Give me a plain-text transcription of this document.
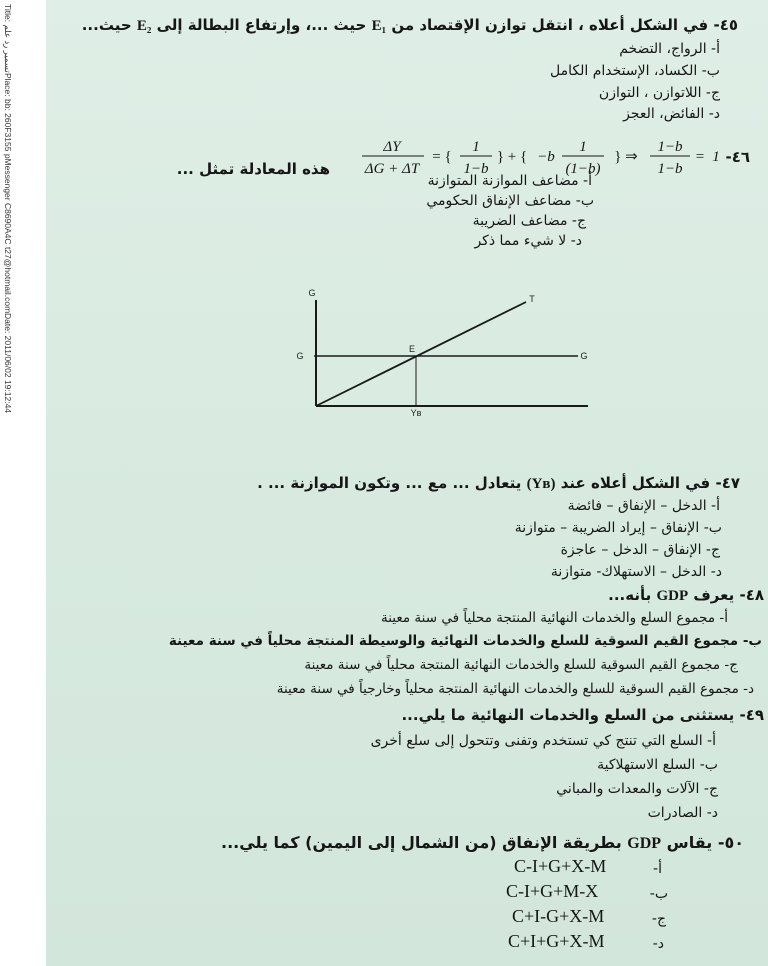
Title: تسمير رد علم
Place: bb: 260F3155 pMessenger C8690A4C t27@hotmail.com
Date: 2011/06/02 19:12:44
٤٥- في الشكل أعلاه ، انتقل توازن الإقتصاد من E₁ حيث ...، وإرتفاع البطالة إلى E₂ حيث...
أ- الرواج، التضخم
ب- الكساد، الإستخدام الكامل
ج- اللاتوازن ، التوازن
د- الفائض، العجز
٤٦-
هذه المعادلة تمثل ...
ΔY
ΔG + ΔT
= {
1
1−b
} + { −b
1
(1−b)
} ⇒
1−b
1−b
= 1
أ- مضاعف الموازنة المتوازنة
ب- مضاعف الإنفاق الحكومي
ج- مضاعف الضريبة
د- لا شيء مما ذكر
G
T
G	G
E
Yʙ
٤٧- في الشكل أعلاه عند (Yʙ) يتعادل ... مع ... وتكون الموازنة ... .
أ- الدخل – الإنفاق – فائضة
ب- الإنفاق – إيراد الضريبة – متوازنة
ج- الإنفاق – الدخل – عاجزة
د- الدخل – الاستهلاك- متوازنة
٤٨- يعرف GDP بأنه...
أ- مجموع السلع والخدمات النهائية المنتجة محلياً في سنة معينة
ب- مجموع القيم السوقية للسلع والخدمات النهائية والوسيطة المنتجة محلياً في سنة معينة
ج- مجموع القيم السوقية للسلع والخدمات النهائية المنتجة محلياً في سنة معينة
د- مجموع القيم السوقية للسلع والخدمات النهائية المنتجة محلياً وخارجياً في سنة معينة
٤٩- يستثنى من السلع والخدمات النهائية ما يلي...
أ- السلع التي تنتج كي تستخدم وتفنى وتتحول إلى سلع أخرى
ب- السلع الاستهلاكية
ج- الآلات والمعدات والمباني
د- الصادرات
٥٠- يقاس GDP بطريقة الإنفاق (من الشمال إلى اليمين) كما يلي...
أ-
ب-
ج-
د-
C-I+G+X-M
C-I+G+M-X
C+I-G+X-M
C+I+G+X-M
